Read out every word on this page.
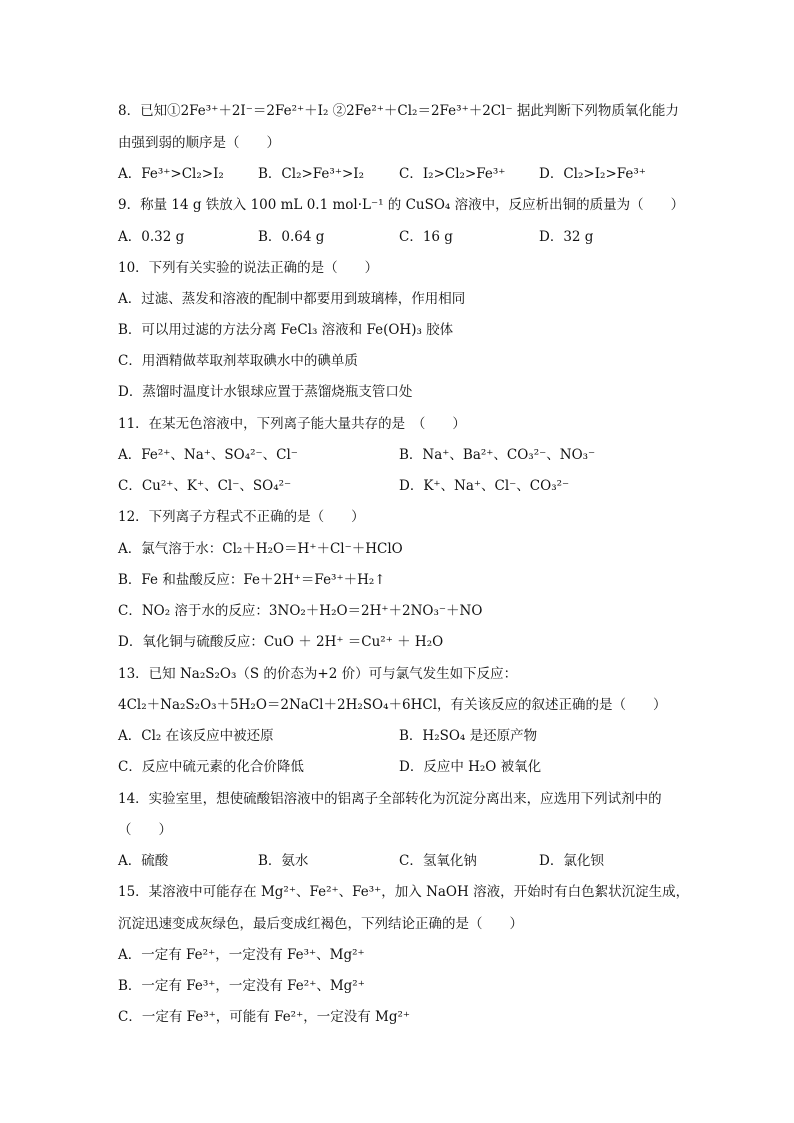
8．已知①2Fe³⁺＋2I⁻＝2Fe²⁺＋I₂ ②2Fe²⁺＋Cl₂＝2Fe³⁺＋2Cl⁻ 据此判断下列物质氧化能力
由强到弱的顺序是（　　）
A．Fe³⁺>Cl₂>I₂	B．Cl₂>Fe³⁺>I₂	C．I₂>Cl₂>Fe³⁺ D．Cl₂>I₂>Fe³⁺
9．称量 14 g 铁放入 100 mL 0.1 mol·L⁻¹ 的 CuSO₄ 溶液中，反应析出铜的质量为（　　）
A．0.32 g	B．0.64 g	C．16 g	D．32 g
10．下列有关实验的说法正确的是（　　）
A．过滤、蒸发和溶液的配制中都要用到玻璃棒，作用相同
B．可以用过滤的方法分离 FeCl₃ 溶液和 Fe(OH)₃ 胶体
C．用酒精做萃取剂萃取碘水中的碘单质
D．蒸馏时温度计水银球应置于蒸馏烧瓶支管口处
11．在某无色溶液中，下列离子能大量共存的是　（　　）
A．Fe²⁺、Na⁺、SO₄²⁻、Cl⁻	B．Na⁺、Ba²⁺、CO₃²⁻、NO₃⁻
C．Cu²⁺、K⁺、Cl⁻、SO₄²⁻	D．K⁺、Na⁺、Cl⁻、CO₃²⁻
12．下列离子方程式不正确的是（　　）
A．氯气溶于水：Cl₂＋H₂O＝H⁺＋Cl⁻＋HClO
B．Fe 和盐酸反应：Fe＋2H⁺＝Fe³⁺＋H₂↑
C．NO₂ 溶于水的反应：3NO₂＋H₂O＝2H⁺＋2NO₃⁻＋NO
D．氧化铜与硫酸反应：CuO ＋ 2H⁺ ＝Cu²⁺ ＋ H₂O
13．已知 Na₂S₂O₃（S 的价态为+2 价）可与氯气发生如下反应：
4Cl₂＋Na₂S₂O₃＋5H₂O＝2NaCl＋2H₂SO₄＋6HCl，有关该反应的叙述正确的是（　　）
A．Cl₂ 在该反应中被还原	B．H₂SO₄ 是还原产物
C．反应中硫元素的化合价降低	D．反应中 H₂O 被氧化
14．实验室里，想使硫酸铝溶液中的铝离子全部转化为沉淀分离出来，应选用下列试剂中的
（　　）
A．硫酸	B．氨水	C．氢氧化钠	D．氯化钡
15．某溶液中可能存在 Mg²⁺、Fe²⁺、Fe³⁺，加入 NaOH 溶液，开始时有白色絮状沉淀生成，
沉淀迅速变成灰绿色，最后变成红褐色，下列结论正确的是（　　）
A．一定有 Fe²⁺，一定没有 Fe³⁺、Mg²⁺
B．一定有 Fe³⁺，一定没有 Fe²⁺、Mg²⁺
C．一定有 Fe³⁺，可能有 Fe²⁺，一定没有 Mg²⁺
